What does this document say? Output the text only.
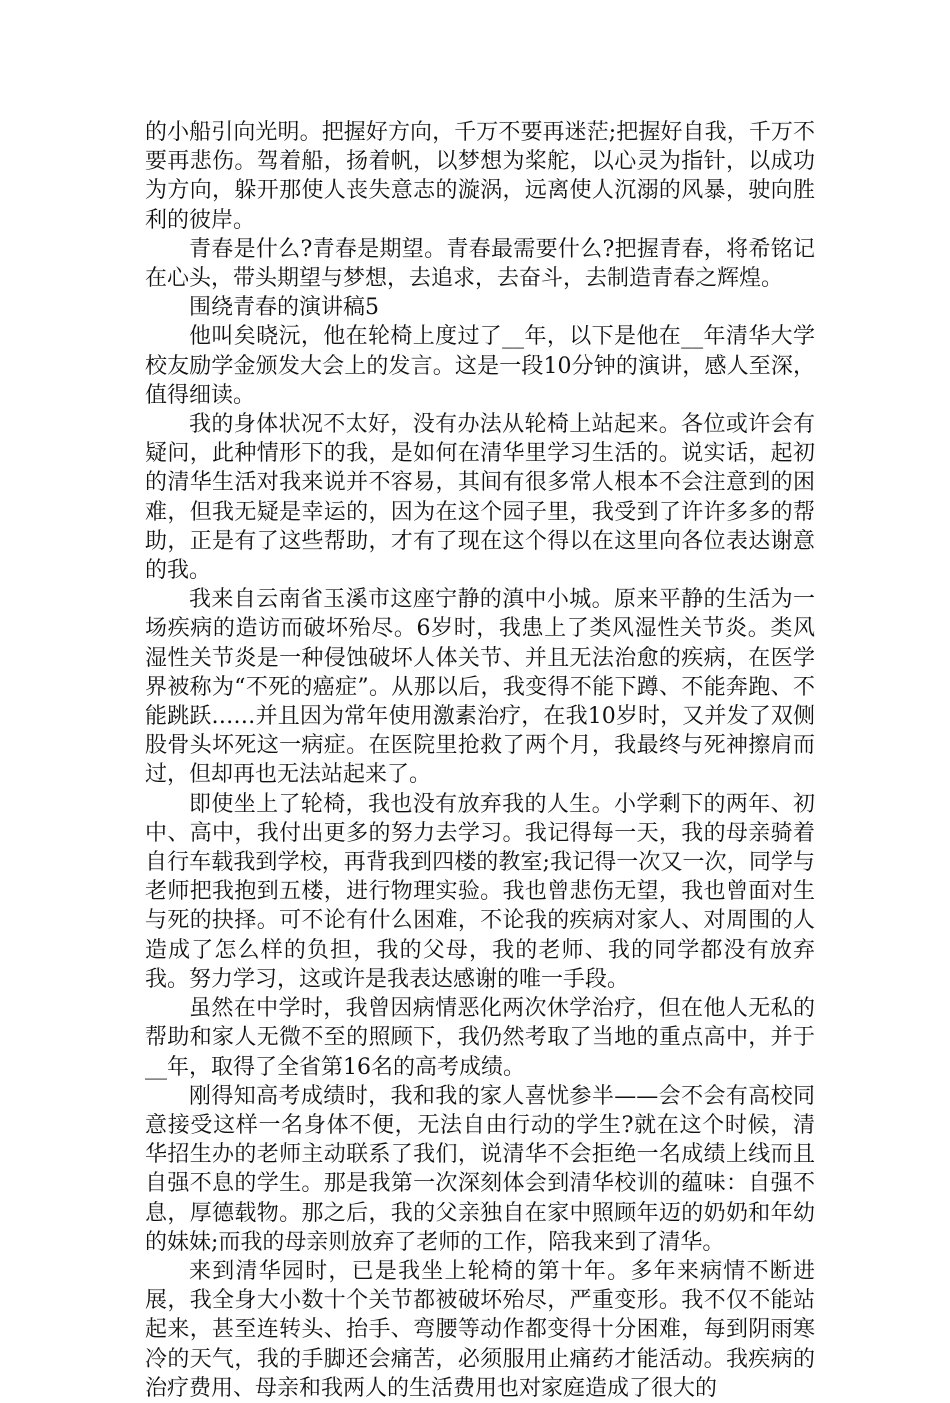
的小船引向光明。把握好方向，千万不要再迷茫;把握好自我，千万不要再悲伤。驾着船，扬着帆，以梦想为桨舵，以心灵为指针，以成功为方向，躲开那使人丧失意志的漩涡，远离使人沉溺的风暴，驶向胜利的彼岸。

青春是什么?青春是期望。青春最需要什么?把握青春，将希铭记在心头，带头期望与梦想，去追求，去奋斗，去制造青春之辉煌。

围绕青春的演讲稿5

他叫矣晓沅，他在轮椅上度过了__年，以下是他在__年清华大学校友励学金颁发大会上的发言。这是一段10分钟的演讲，感人至深，值得细读。

我的身体状况不太好，没有办法从轮椅上站起来。各位或许会有疑问，此种情形下的我，是如何在清华里学习生活的。说实话，起初的清华生活对我来说并不容易，其间有很多常人根本不会注意到的困难，但我无疑是幸运的，因为在这个园子里，我受到了许许多多的帮助，正是有了这些帮助，才有了现在这个得以在这里向各位表达谢意的我。

我来自云南省玉溪市这座宁静的滇中小城。原来平静的生活为一场疾病的造访而破坏殆尽。6岁时，我患上了类风湿性关节炎。类风湿性关节炎是一种侵蚀破坏人体关节、并且无法治愈的疾病，在医学界被称为“不死的癌症”。从那以后，我变得不能下蹲、不能奔跑、不能跳跃……并且因为常年使用激素治疗，在我10岁时，又并发了双侧股骨头坏死这一病症。在医院里抢救了两个月，我最终与死神擦肩而过，但却再也无法站起来了。

即使坐上了轮椅，我也没有放弃我的人生。小学剩下的两年、初中、高中，我付出更多的努力去学习。我记得每一天，我的母亲骑着自行车载我到学校，再背我到四楼的教室;我记得一次又一次，同学与老师把我抱到五楼，进行物理实验。我也曾悲伤无望，我也曾面对生与死的抉择。可不论有什么困难，不论我的疾病对家人、对周围的人造成了怎么样的负担，我的父母，我的老师、我的同学都没有放弃我。努力学习，这或许是我表达感谢的唯一手段。

虽然在中学时，我曾因病情恶化两次休学治疗，但在他人无私的帮助和家人无微不至的照顾下，我仍然考取了当地的重点高中，并于__年，取得了全省第16名的高考成绩。

刚得知高考成绩时，我和我的家人喜忧参半——会不会有高校同意接受这样一名身体不便，无法自由行动的学生?就在这个时候，清华招生办的老师主动联系了我们，说清华不会拒绝一名成绩上线而且自强不息的学生。那是我第一次深刻体会到清华校训的蕴味：自强不息，厚德载物。那之后，我的父亲独自在家中照顾年迈的奶奶和年幼的妹妹;而我的母亲则放弃了老师的工作，陪我来到了清华。

来到清华园时，已是我坐上轮椅的第十年。多年来病情不断进展，我全身大小数十个关节都被破坏殆尽，严重变形。我不仅不能站起来，甚至连转头、抬手、弯腰等动作都变得十分困难，每到阴雨寒冷的天气，我的手脚还会痛苦，必须服用止痛药才能活动。我疾病的治疗费用、母亲和我两人的生活费用也对家庭造成了很大的
